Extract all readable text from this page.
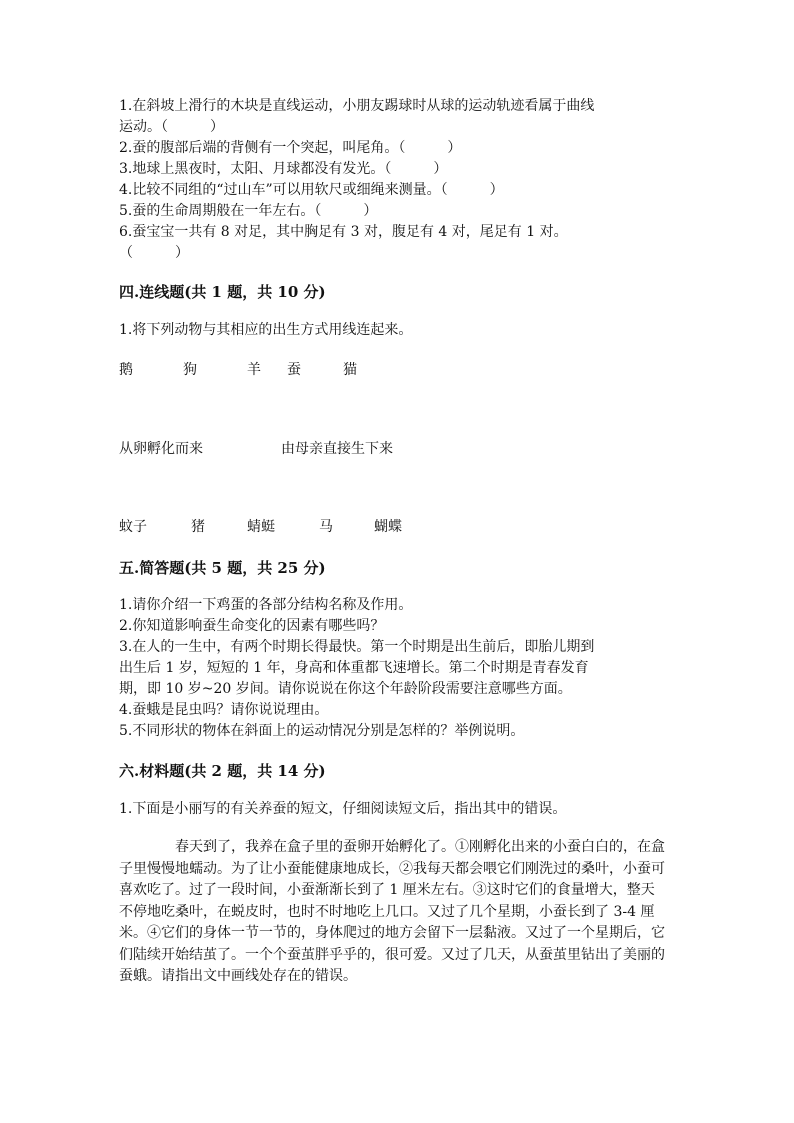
1.在斜坡上滑行的木块是直线运动，小朋友踢球时从球的运动轨迹看属于曲线
运动。（　　　）
2.蚕的腹部后端的背侧有一个突起，叫尾角。（　　　）
3.地球上黑夜时，太阳、月球都没有发光。（　　　）
4.比较不同组的“过山车”可以用软尺或细绳来测量。（　　　）
5.蚕的生命周期般在一年左右。（　　　）
6.蚕宝宝一共有 8 对足，其中胸足有 3 对，腹足有 4 对，尾足有 1 对。
（　　　）
四.连线题(共 1 题，共 10 分)
1.将下列动物与其相应的出生方式用线连起来。
鹅	狗	羊 蚕	猫
从卵孵化而来	由母亲直接生下来
蚊子	猪	蜻蜓	马	蝴蝶
五.简答题(共 5 题，共 25 分)
1.请你介绍一下鸡蛋的各部分结构名称及作用。
2.你知道影响蚕生命变化的因素有哪些吗？
3.在人的一生中，有两个时期长得最快。第一个时期是出生前后，即胎儿期到
出生后 1 岁，短短的 1 年，身高和体重都飞速增长。第二个时期是青春发育
期，即 10 岁~20 岁间。请你说说在你这个年龄阶段需要注意哪些方面。
4.蚕蛾是昆虫吗？请你说说理由。
5.不同形状的物体在斜面上的运动情况分别是怎样的？举例说明。
六.材料题(共 2 题，共 14 分)
1.下面是小丽写的有关养蚕的短文，仔细阅读短文后，指出其中的错误。
春天到了，我养在盒子里的蚕卵开始孵化了。①刚孵化出来的小蚕白白的，在盒子里慢慢地蠕动。为了让小蚕能健康地成长，②我每天都会喂它们刚洗过的桑叶，小蚕可喜欢吃了。过了一段时间，小蚕渐渐长到了 1 厘米左右。③这时它们的食量增大，整天不停地吃桑叶，在蜕皮时，也时不时地吃上几口。又过了几个星期，小蚕长到了 3-4 厘米。④它们的身体一节一节的，身体爬过的地方会留下一层黏液。又过了一个星期后，它们陆续开始结茧了。一个个蚕茧胖乎乎的，很可爱。又过了几天，从蚕茧里钻出了美丽的蚕蛾。请指出文中画线处存在的错误。
